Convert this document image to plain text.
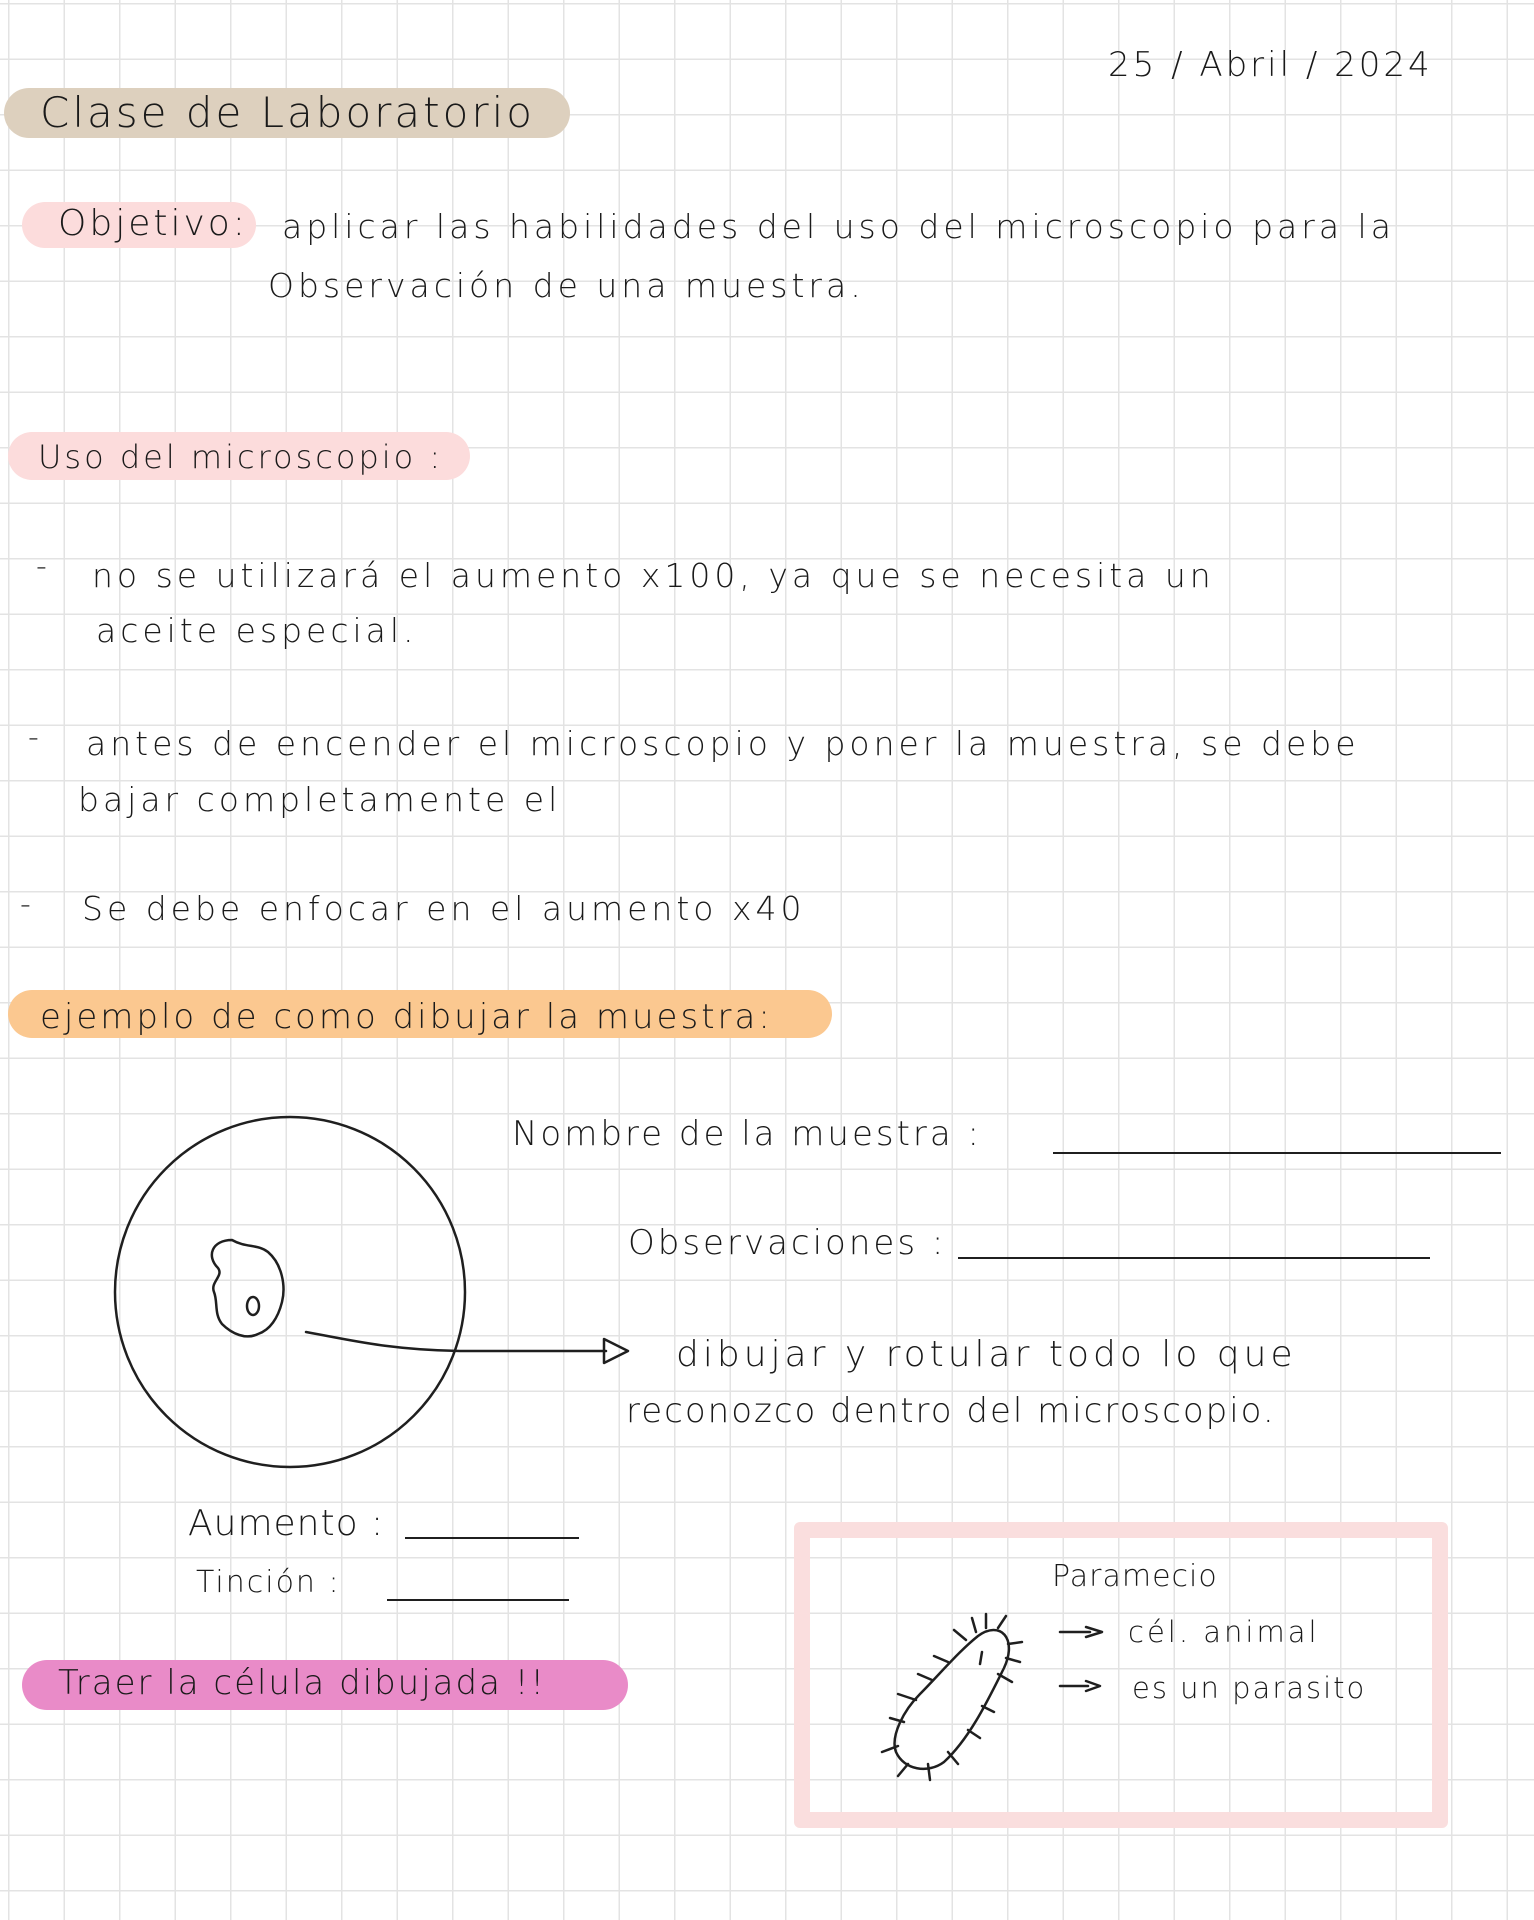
25 / Abril / 2024
Clase de Laboratorio
Objetivo: aplicar las habilidades del uso del microscopio para la
Observación de una muestra.
Uso del microscopio :
- no se utilizará el aumento x100, ya que se necesita un
aceite especial.
- antes de encender el microscopio y poner la muestra, se debe
bajar completamente el
- Se debe enfocar en el aumento x40
ejemplo de como dibujar la muestra:
Nombre de la muestra :
Observaciones :
dibujar y rotular todo lo que
reconozco dentro del microscopio.
Aumento :
Tinción :
Traer la célula dibujada !!
Paramecio
cél. animal
es un parasito
